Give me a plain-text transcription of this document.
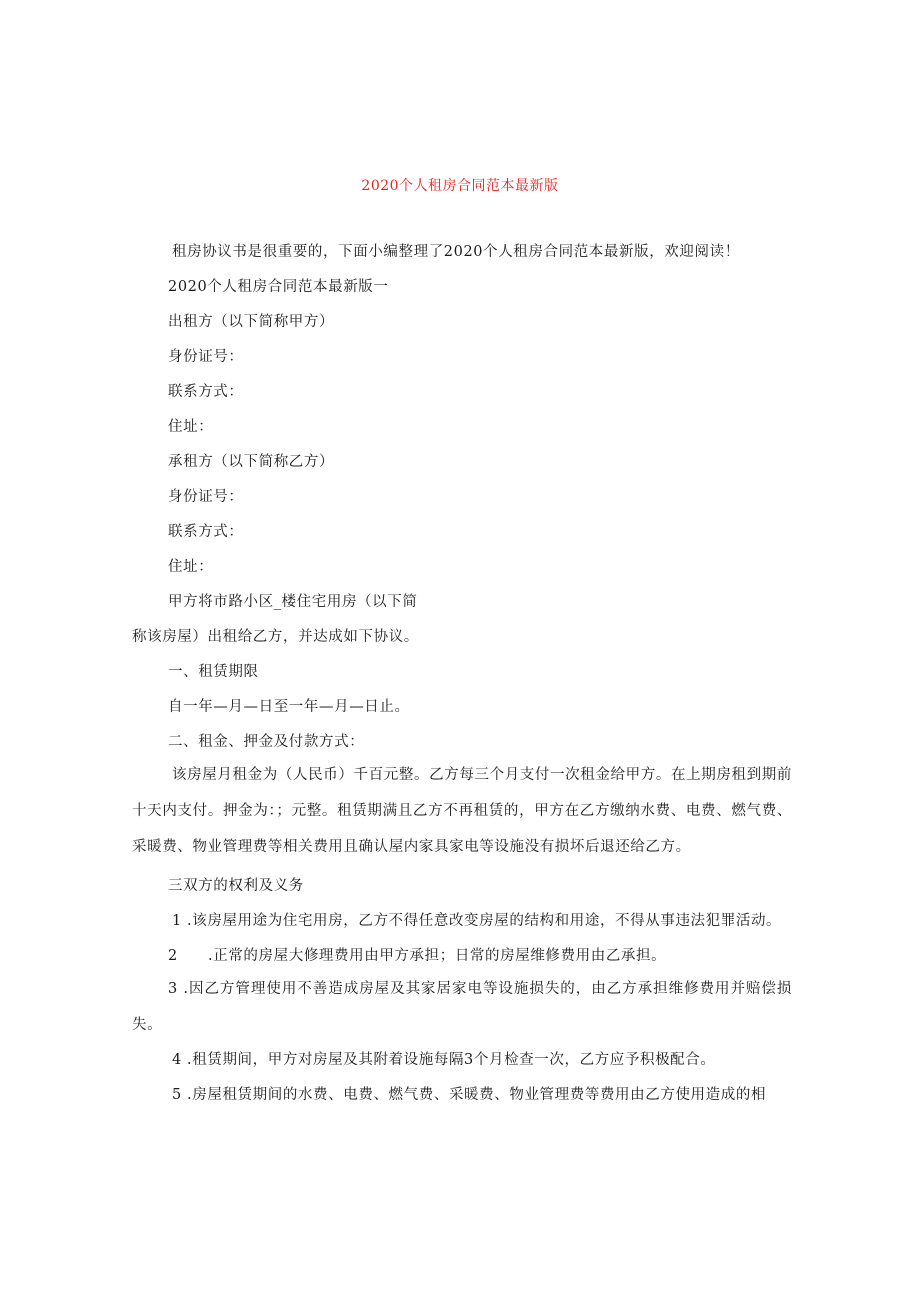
2020个人租房合同范本最新版
租房协议书是很重要的，下面小编整理了2020个人租房合同范本最新版，欢迎阅读！
2020个人租房合同范本最新版一
出租方（以下简称甲方）
身份证号：
联系方式：
住址：
承租方（以下简称乙方）
身份证号：
联系方式：
住址：
甲方将市路小区_楼住宅用房（以下简
称该房屋）出租给乙方，并达成如下协议。
一、租赁期限
自一年—月—日至一年—月—日止。
二、租金、押金及付款方式：
该房屋月租金为（人民币）千百元整。乙方每三个月支付一次租金给甲方。在上期房租到期前十天内支付。押金为：；元整。租赁期满且乙方不再租赁的，甲方在乙方缴纳水费、电费、燃气费、采暖费、物业管理费等相关费用且确认屋内家具家电等设施没有损坏后退还给乙方。
三双方的权利及义务
1 .该房屋用途为住宅用房，乙方不得任意改变房屋的结构和用途，不得从事违法犯罪活动。
2　　.正常的房屋大修理费用由甲方承担；日常的房屋维修费用由乙承担。
3 .因乙方管理使用不善造成房屋及其家居家电等设施损失的，由乙方承担维修费用并赔偿损失。
4 .租赁期间，甲方对房屋及其附着设施每隔3个月检查一次，乙方应予积极配合。
5 .房屋租赁期间的水费、电费、燃气费、采暖费、物业管理费等费用由乙方使用造成的相
